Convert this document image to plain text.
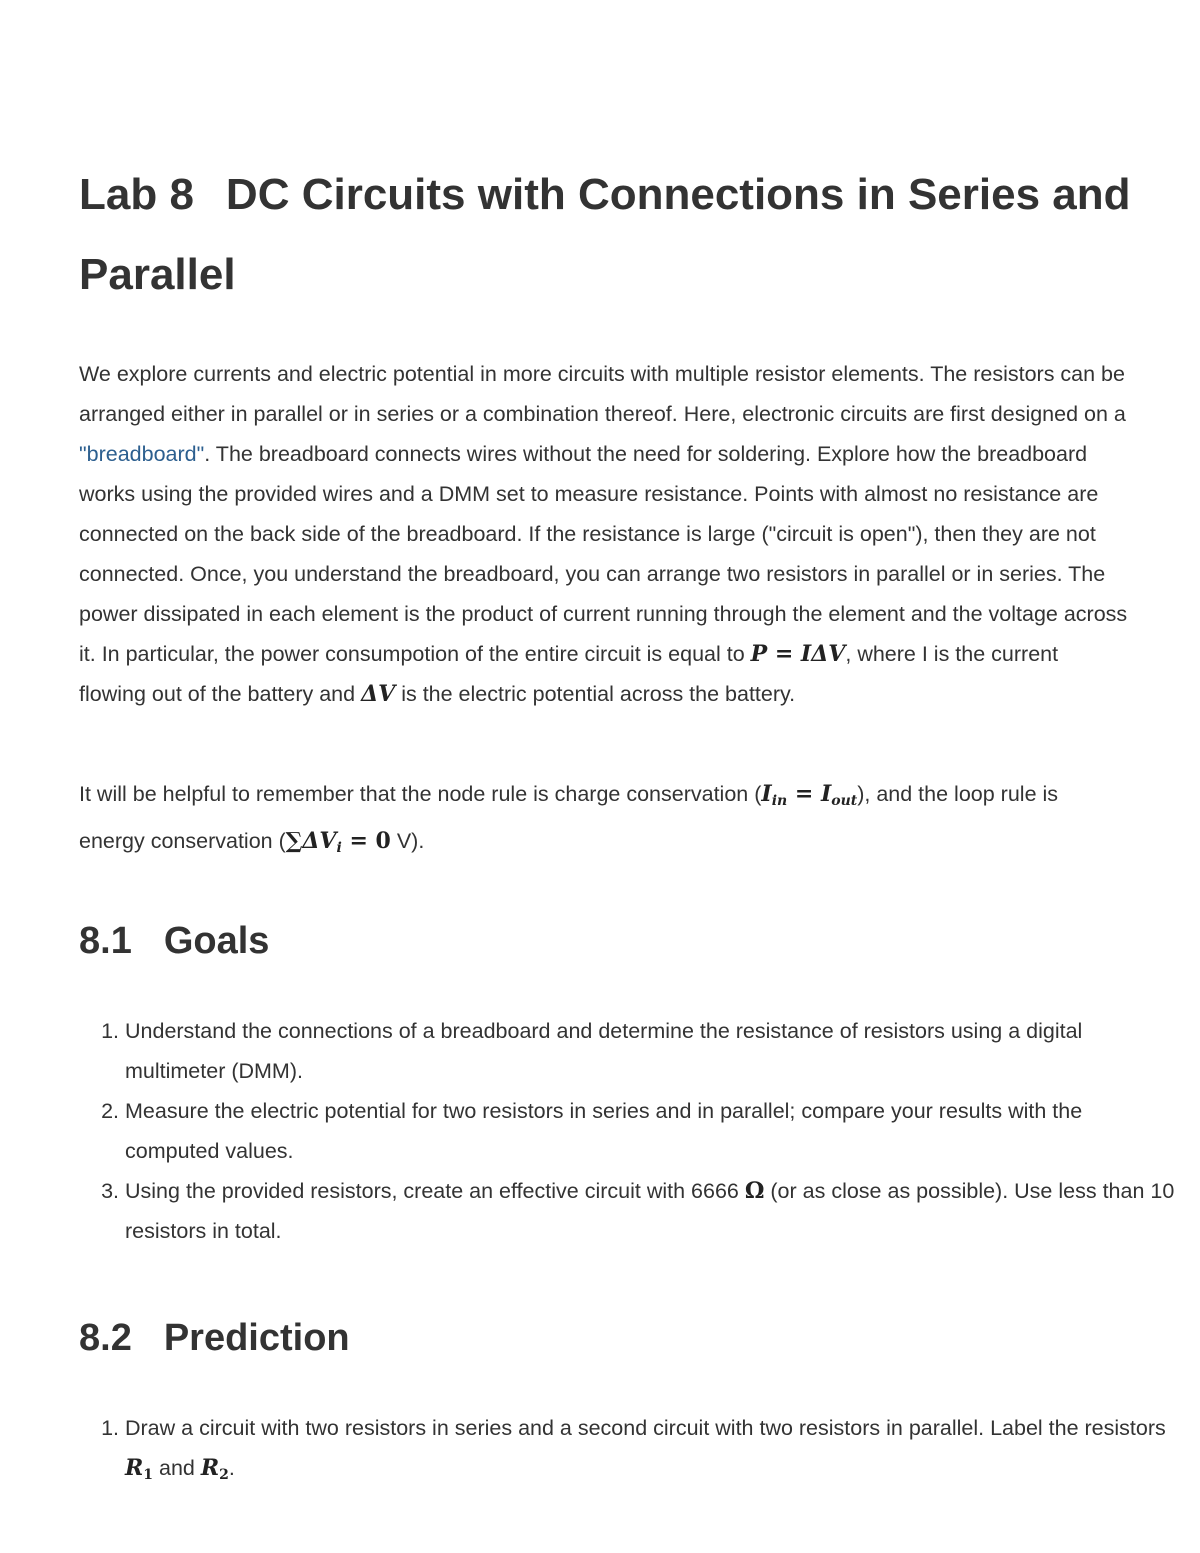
Lab 8 DC Circuits with Connections in Series and Parallel

We explore currents and electric potential in more circuits with multiple resistor elements. The resistors can be arranged either in parallel or in series or a combination thereof. Here, electronic circuits are first designed on a "breadboard". The breadboard connects wires without the need for soldering. Explore how the breadboard works using the provided wires and a DMM set to measure resistance. Points with almost no resistance are connected on the back side of the breadboard. If the resistance is large ("circuit is open"), then they are not connected. Once, you understand the breadboard, you can arrange two resistors in parallel or in series. The power dissipated in each element is the product of current running through the element and the voltage across it. In particular, the power consumpotion of the entire circuit is equal to P = IΔV, where I is the current flowing out of the battery and ΔV is the electric potential across the battery.

It will be helpful to remember that the node rule is charge conservation $(I_{in} = I_{out})$, and the loop rule is energy conservation ($\sum\Delta V_i = 0$ V).

8.1 Goals
1. Understand the connections of a breadboard and determine the resistance of resistors using a digital multimeter (DMM).
2. Measure the electric potential for two resistors in series and in parallel; compare your results with the computed values.
3. Using the provided resistors, create an effective circuit with 6666 Ω (or as close as possible). Use less than 10 resistors in total.
8.2 Prediction
1. Draw a circuit with two resistors in series and a second circuit with two resistors in parallel. Label the resistors $R_1$ and $R_2$.
